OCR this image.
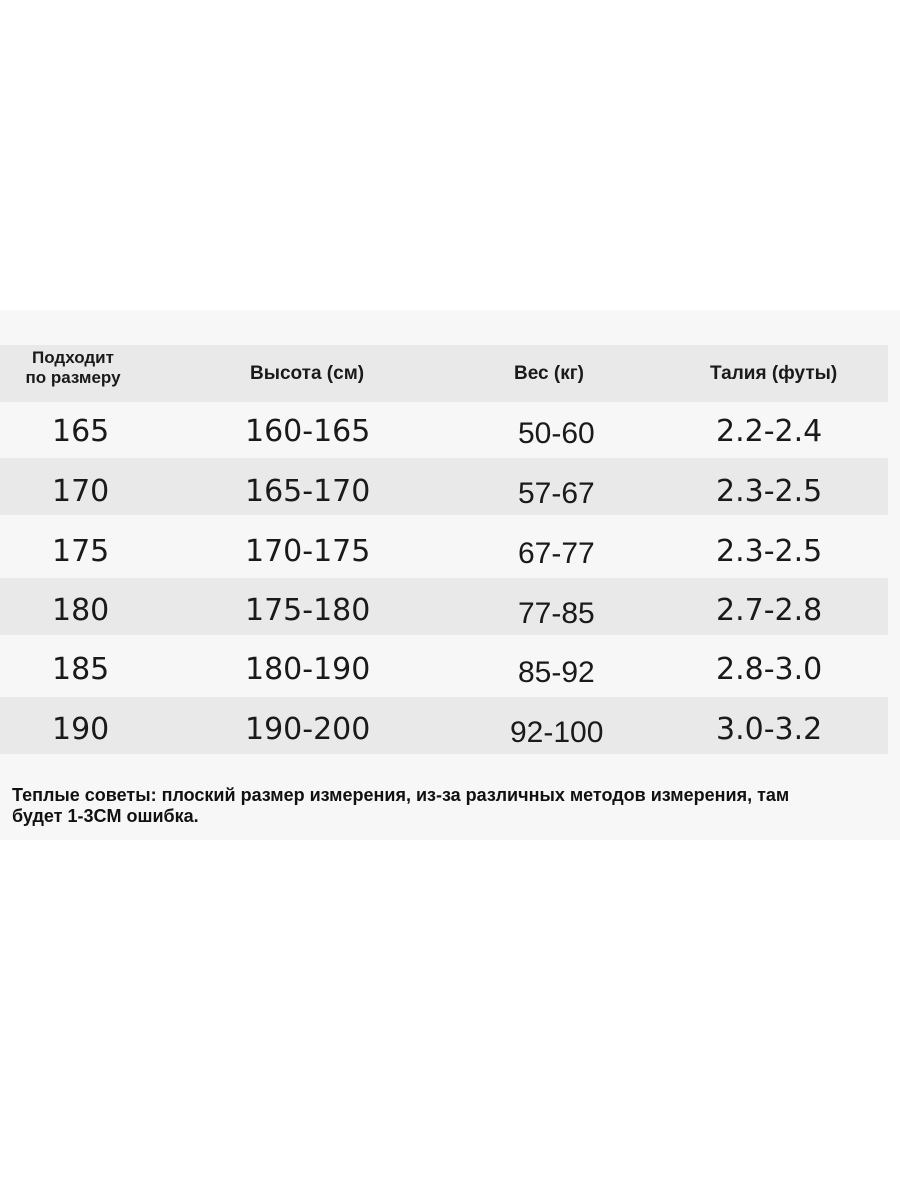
Подходит
по размеру	Высота (см)	Вес (кг)	Талия (футы)
165	160-165	50-60	2.2-2.4
170	165-170	57-67	2.3-2.5
175	170-175	67-77	2.3-2.5
180	175-180	77-85	2.7-2.8
185	180-190	85-92	2.8-3.0
190	190-200	92-100	3.0-3.2
Теплые советы: плоский размер измерения, из-за различных методов измерения, там
будет 1-3CM ошибка.
